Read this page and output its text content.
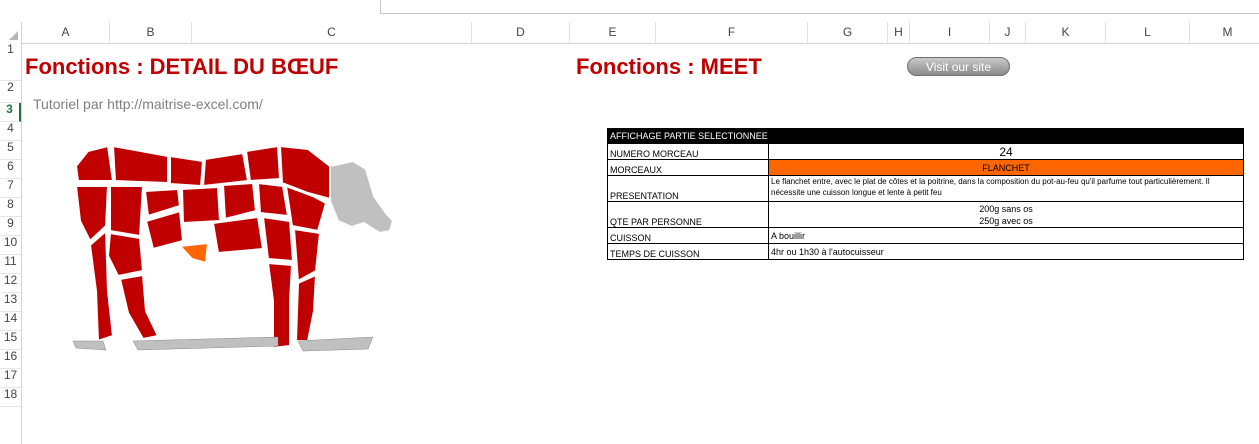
A	B	C	D	E	F	G	H	I	J	K	L	M
1
2
3
4
5
6
7
8
9
10
11
12
13
14
15
16
17
18
Fonctions : DETAIL DU BŒUF	Fonctions : MEET
Tutoriel par http://maitrise-excel.com/
Visit our site
AFFICHAGE PARTIE SELECTIONNEE	
NUMERO MORCEAU	24
MORCEAUX	FLANCHET
PRESENTATION	Le flanchet entre, avec le plat de côtes et la poitrine, dans la composition du pot-au-feu qu'il parfume tout particulièrement. Il nécessite une cuisson longue et lente à petit feu
QTE PAR PERSONNE	200g sans os
250g avec os

CUISSON	A bouillir
TEMPS DE CUISSON	4hr ou 1h30 à l'autocuisseur
